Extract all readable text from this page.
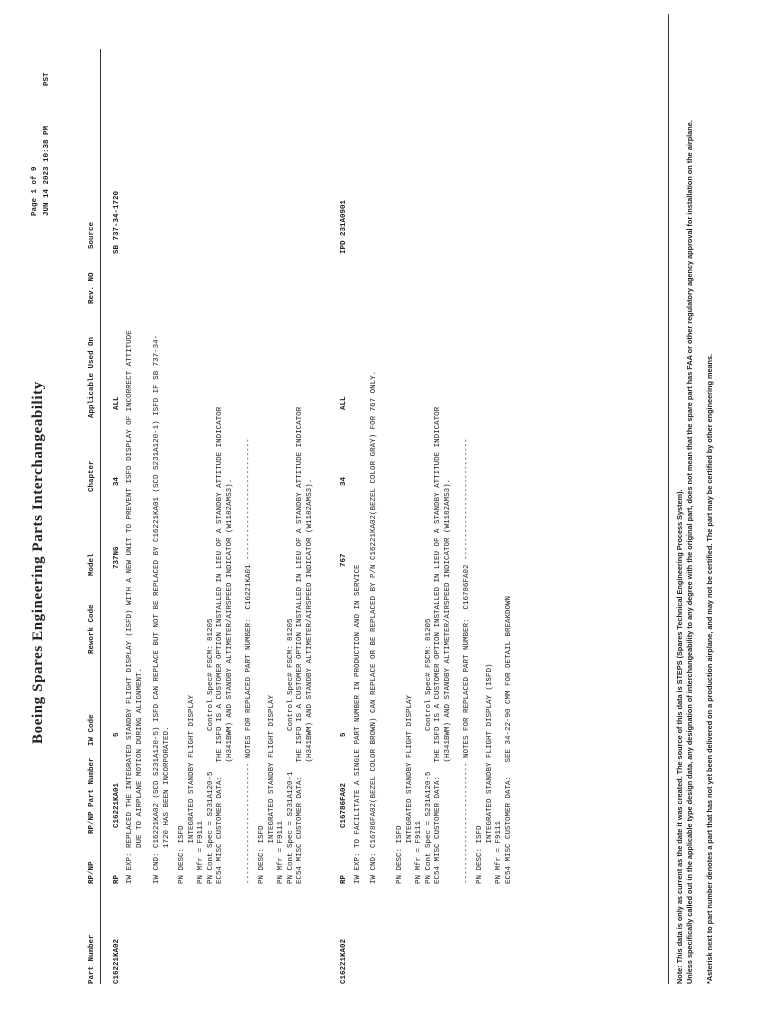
Boeing Spares Engineering Parts Interchangeability
Page 1 of 9 JUN 14 2023 10:38 PM
PST
Part Number
RP/NP
RP/NP Part Number
IW Code
Rework Code
Model
Chapter
Applicable Used On
Rev. NO
Source
C16221KA02
RP
C16221KA01
5
737NG
34
ALL
SB 737-34-1720
IW EXP:
REPLACED THE INTEGRATED STANDBY FLIGHT DISPLAY (ISFD) WITH A NEW UNIT TO PREVENT ISFD DISPLAY OF INCORRECT ATTITUDE DUE TO AIRPLANE MOTION DURING ALIGNMENT.
IW CND:
C16221KA02 (SCD S231A120-5) ISFD CAN REPLACE BUT NOT BE REPLACED BY C16221KA01 (SCD S231A120-1) ISFD IF SB 737-34-1720 HAS BEEN INCORPORATED.
PN DESC: ISFD
INTEGRATED STANDBY FLIGHT DISPLAY
PN Mfr = F9111
PN Cont Spec = S231A120-5         Control Spec# FSCM: 81205
EC54 MISC CUSTOMER DATA:   THE ISFD IS A CUSTOMER OPTION INSTALLED IN LIEU OF A STANDBY ATTITUDE INDICATOR
(H341BWM) AND STANDBY ALTIMETER/AIRSPEED INDICATOR (W1182AMS3). --------------------------- NOTES FOR REPLACED PART NUMBER:  C16221KA01 --------------------------- PN DESC: ISFD
INTEGRATED STANDBY FLIGHT DISPLAY
PN Mfr = F9111
PN Cont Spec = S231A120-1         Control Spec# FSCM: 81205
EC54 MISC CUSTOMER DATA:   THE ISFD IS A CUSTOMER OPTION INSTALLED IN LIEU OF A STANDBY ATTITUDE INDICATOR
(H341BWM) AND STANDBY ALTIMETER/AIRSPEED INDICATOR (W1182AMS3).
C16221KA02
RP
C16786FA02
5
767
34
ALL
IPD 231A0901
IW EXP:
TO FACILITATE A SINGLE PART NUMBER IN PRODUCTION AND IN SERVICE
IW CND:
C16786FA02(BEZEL COLOR BROWN) CAN REPLACE OR BE REPLACED BY P/N C16221KA02(BEZEL COLOR GRAY) FOR 767 ONLY.
PN DESC: ISFD
INTEGRATED STANDBY FLIGHT DISPLAY
PN Mfr = F9111
PN Cont Spec = S231A120-5         Control Spec# FSCM: 81205
EC54 MISC CUSTOMER DATA:   THE ISFD IS A CUSTOMER OPTION INSTALLED IN LIEU OF A STANDBY ATTITUDE INDICATOR
(H341BWM) AND STANDBY ALTIMETER/AIRSPEED INDICATOR (W1182AMS3). --------------------------- NOTES FOR REPLACED PART NUMBER:  C16786FA02 --------------------------- PN DESC: ISFD
INTEGRATED STANDBY FLIGHT DISPLAY (ISFD)
PN Mfr = F9111
EC54 MISC CUSTOMER DATA:   SEE 34-22-90 CMM FOR DETAIL BREAKDOWN	Note: This data is only as current as the date it was created. The source of this data is STEPS (Spares Technical Engineering Process System). Unless specifically called out in the applicable type design data, any designation of interchangeability to any degree with the original part, does not mean that the spare part has FAA or other regulatory agency approval for installation on the airplane. *Asterisk next to part number denotes a part that has not yet been delivered on a production airplane, and may not be certified. The part may be certified by other engineering means.
